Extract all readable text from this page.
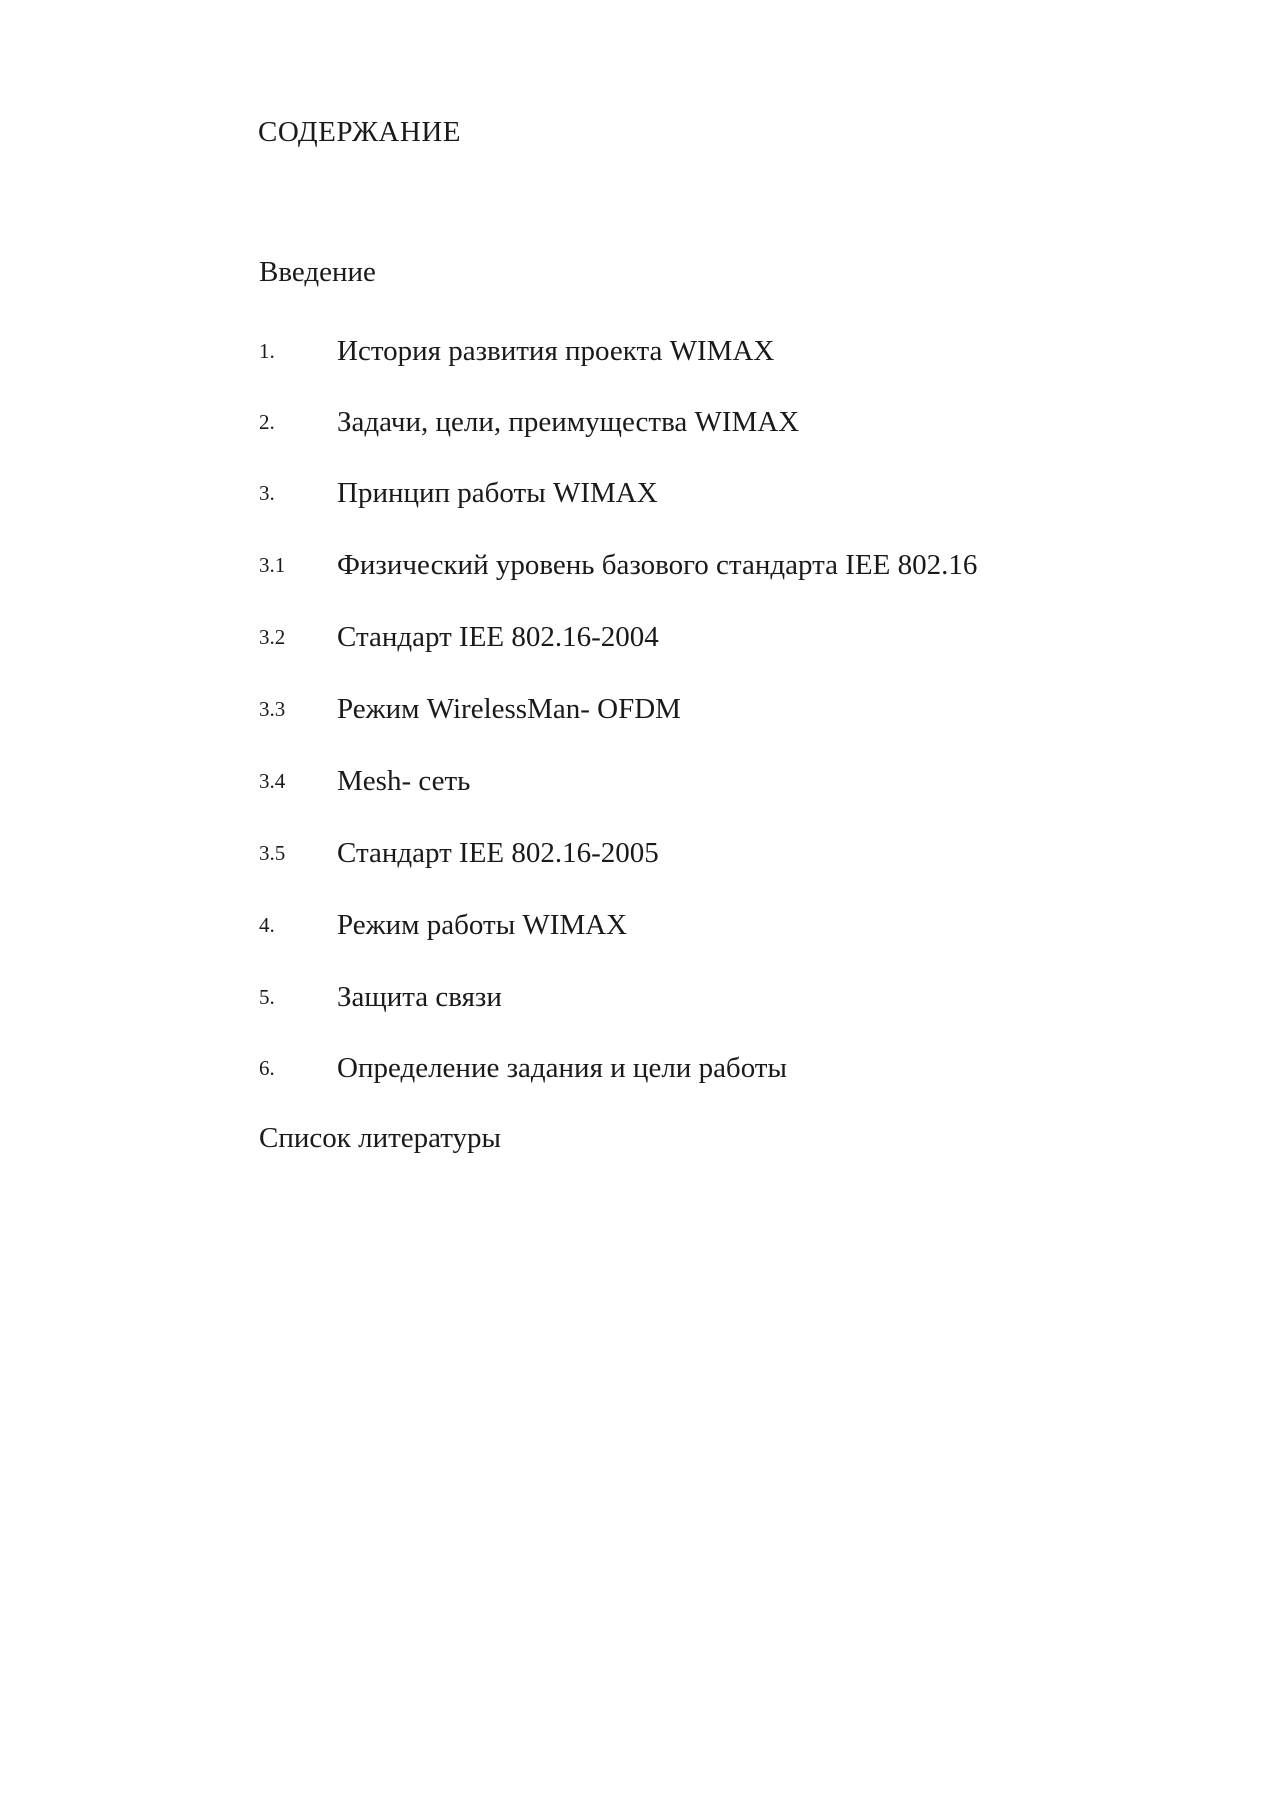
СОДЕРЖАНИЕ
Введение
1. История развития проекта WIMAX
2. Задачи, цели, преимущества WIMAX
3. Принцип работы WIMAX
3.1 Физический уровень базового стандарта IEE 802.16
3.2 Стандарт IEE 802.16-2004
3.3 Режим WirelessMan- OFDM
3.4 Mesh- сеть
3.5 Стандарт IEE 802.16-2005
4. Режим работы WIMAX
5. Защита связи
6. Определение задания и цели работы
Список литературы
